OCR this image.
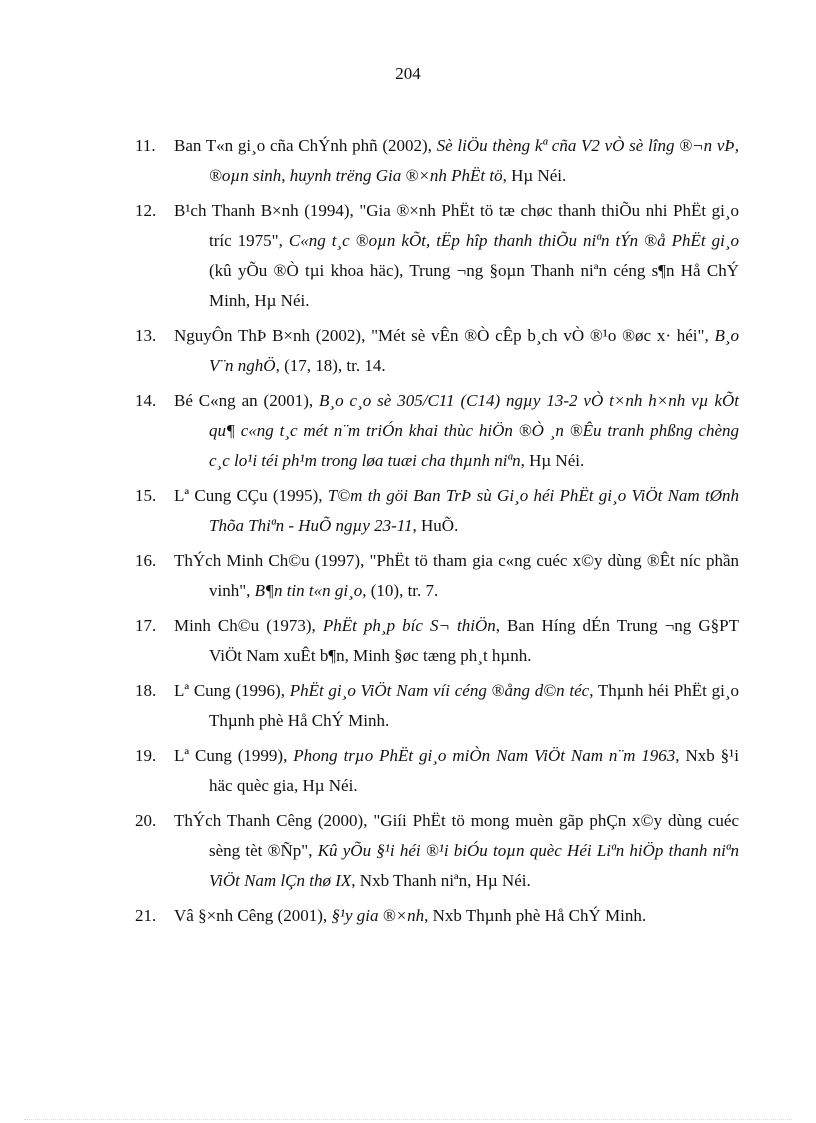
204
11. Ban T«n gi¸o cña ChÝnh phñ (2002), Sè liÖu thèng kª cña V2 vÒ sè lîng ®¬n vÞ, ®oµn sinh, huynh trëng Gia ®×nh PhËt tö, Hµ Néi.
12. B¹ch Thanh B×nh (1994), "Gia ®×nh PhËt tö tæ chøc thanh thiÕu nhi PhËt gi¸o tríc 1975", C«ng t¸c ®oµn kÕt, tËp hîp thanh thiÕu niªn tÝn ®å PhËt gi¸o (kû yÕu ®Ò tµi khoa häc), Trung ¬ng §oµn Thanh niªn céng s¶n Hå ChÝ Minh, Hµ Néi.
13. NguyÔn ThÞ B×nh (2002), "Mét sè vÊn ®Ò cÊp b¸ch vÒ ®¹o ®øc x· héi", B¸o V¨n nghÖ, (17, 18), tr. 14.
14. Bé C«ng an (2001), B¸o c¸o sè 305/C11 (C14) ngµy 13-2 vÒ t×nh h×nh vµ kÕt qu¶ c«ng t¸c mét n¨m triÓn khai thùc hiÖn ®Ò ¸n ®Êu tranh phßng chèng c¸c lo¹i téi ph¹m trong løa tuæi cha thµnh niªn, Hµ Néi.
15. Lª Cung CÇu (1995), T©m th göi Ban TrÞ sù Gi¸o héi PhËt gi¸o ViÖt Nam tØnh Thõa Thiªn - HuÕ ngµy 23-11, HuÕ.
16. ThÝch Minh Ch©u (1997), "PhËt tö tham gia c«ng cuéc x©y dùng ®Êt níc phần vinh", B¶n tin t«n gi¸o, (10), tr. 7.
17. Minh Ch©u (1973), PhËt ph¸p bíc S¬ thiÖn, Ban Híng dÉn Trung ¬ng G§PT ViÖt Nam xuÊt b¶n, Minh §øc tæng ph¸t hµnh.
18. Lª Cung (1996), PhËt gi¸o ViÖt Nam víi céng ®ång d©n téc, Thµnh héi PhËt gi¸o Thµnh phè Hå ChÝ Minh.
19. Lª Cung (1999), Phong trµo PhËt gi¸o miÒn Nam ViÖt Nam n¨m 1963, Nxb §¹i häc quèc gia, Hµ Néi.
20. ThÝch Thanh Cêng (2000), "Giíi PhËt tö mong muèn gãp phÇn x©y dùng cuéc sèng tèt ®Ñp", Kû yÕu §¹i héi ®¹i biÓu toµn quèc Héi Liªn hiÖp thanh niªn ViÖt Nam lÇn thø IX, Nxb Thanh niªn, Hµ Néi.
21. Vâ §×nh Cêng (2001), §¹y gia ®×nh, Nxb Thµnh phè Hå ChÝ Minh.
